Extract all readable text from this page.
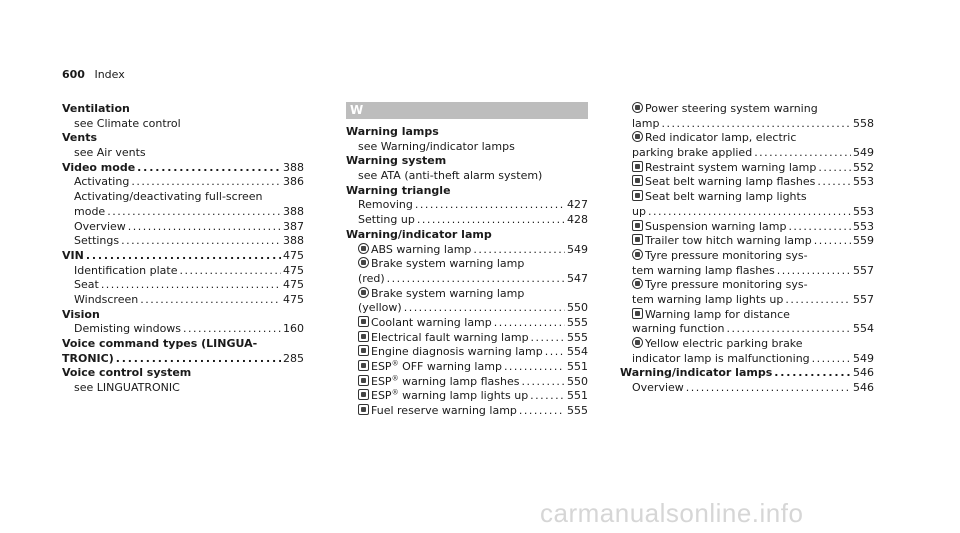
600 Index
Ventilation
see Climate control
Vents
see Air vents
Video mode . . .	388
Activating . . .	386
Activating/deactivating full-screen
mode . . .	388
Overview . . .	387
Settings . . .	388
VIN . . .	475
Identification plate . . .	475
Seat . . .	475
Windscreen . . .	475
Vision
Demisting windows . . .	160
Voice command types (LINGUA-
TRONIC) . . .	285
Voice control system
see LINGUATRONIC
W
Warning lamps
see Warning/indicator lamps
Warning system
see ATA (anti-theft alarm system)
Warning triangle
Removing . . .	427
Setting up . . .	428
Warning/indicator lamp
ABS warning lamp . . .	549
Brake system warning lamp
(red) . . .	547
Brake system warning lamp
(yellow) . . .	550
Coolant warning lamp . . .	555
Electrical fault warning lamp . . .	555
Engine diagnosis warning lamp . . . 554
ESP® OFF warning lamp . . .	551
ESP® warning lamp flashes . . .	550
ESP® warning lamp lights up . . .	551
Fuel reserve warning lamp . . .	555
Power steering system warning
lamp . . .	558
Red indicator lamp, electric
parking brake applied . . .	549
Restraint system warning lamp . . .	552
Seat belt warning lamp flashes . . .	553
Seat belt warning lamp lights
up . . .	553
Suspension warning lamp . . .	553
Trailer tow hitch warning lamp . . .	559
Tyre pressure monitoring sys-
tem warning lamp flashes . . .	557
Tyre pressure monitoring sys-
tem warning lamp lights up . . .	557
Warning lamp for distance
warning function . . .	554
Yellow electric parking brake
indicator lamp is malfunctioning . . .	549
Warning/indicator lamps . . .	546
Overview . . .	546
carmanualsonline.info
